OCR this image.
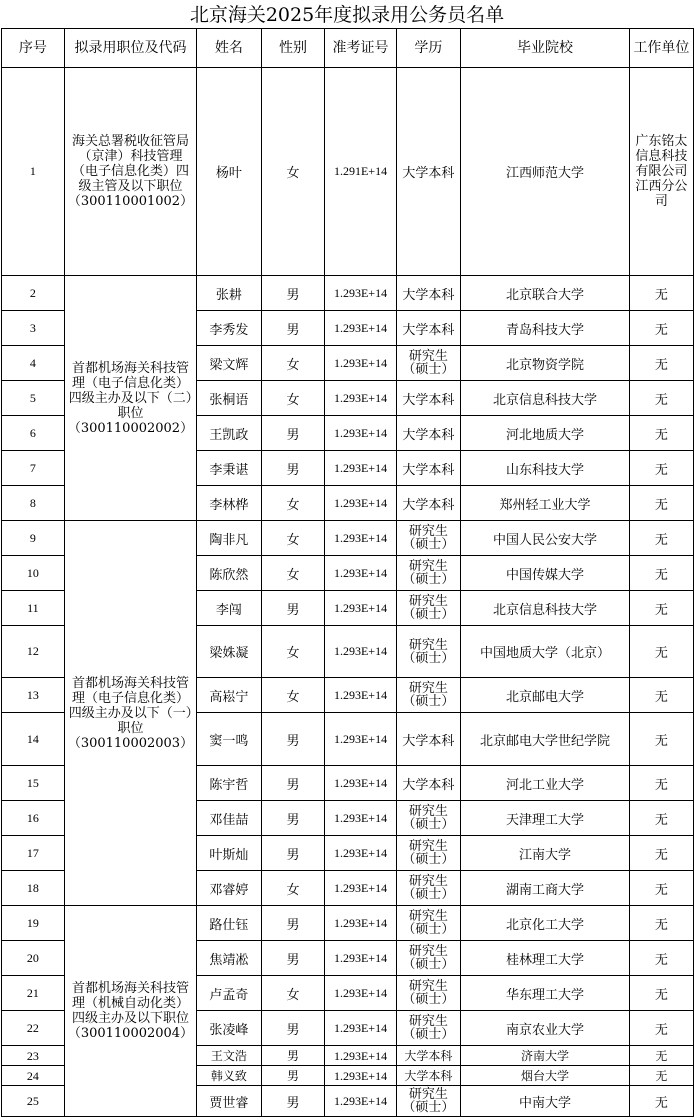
北京海关2025年度拟录用公务员名单
序号	拟录用职位及代码	姓名	性别	准考证号	学历	毕业院校	工作单位
1	海关总署税收征管局（京津）科技管理（电子信息化类）四级主管及以下职位（300110001002）	杨叶	女	1.291E+14	大学本科	江西师范大学	广东铭太信息科技有限公司江西分公司
2	首都机场海关科技管理（电子信息化类）四级主办及以下（二）职位（300110002002）	张耕	男	1.293E+14	大学本科	北京联合大学	无
3		李秀发	男	1.293E+14	大学本科	青岛科技大学	无
4		梁文辉	女	1.293E+14	研究生（硕士）	北京物资学院	无
5		张桐语	女	1.293E+14	大学本科	北京信息科技大学	无
6		王凯政	男	1.293E+14	大学本科	河北地质大学	无
7		李秉谌	男	1.293E+14	大学本科	山东科技大学	无
8		李林桦	女	1.293E+14	大学本科	郑州轻工业大学	无
9	首都机场海关科技管理（电子信息化类）四级主办及以下（一）职位（300110002003）	陶非凡	女	1.293E+14	研究生（硕士）	中国人民公安大学	无
10		陈欣然	女	1.293E+14	研究生（硕士）	中国传媒大学	无
11		李闯	男	1.293E+14	研究生（硕士）	北京信息科技大学	无
12		梁姝凝	女	1.293E+14	研究生（硕士）	中国地质大学（北京）	无
13		高崧宁	女	1.293E+14	研究生（硕士）	北京邮电大学	无
14		窦一鸣	男	1.293E+14	大学本科	北京邮电大学世纪学院	无
15		陈宇哲	男	1.293E+14	大学本科	河北工业大学	无
16		邓佳喆	男	1.293E+14	研究生（硕士）	天津理工大学	无
17		叶斯灿	男	1.293E+14	研究生（硕士）	江南大学	无
18		邓睿婷	女	1.293E+14	研究生（硕士）	湖南工商大学	无
19	首都机场海关科技管理（机械自动化类）四级主办及以下职位（300110002004）	路仕钰	男	1.293E+14	研究生（硕士）	北京化工大学	无
20		焦靖凇	男	1.293E+14	研究生（硕士）	桂林理工大学	无
21		卢孟奇	女	1.293E+14	研究生（硕士）	华东理工大学	无
22		张凌峰	男	1.293E+14	研究生（硕士）	南京农业大学	无
23		王文浩	男	1.293E+14	大学本科	济南大学	无
24		韩义致	男	1.293E+14	大学本科	烟台大学	无
25		贾世睿	男	1.293E+14	研究生（硕士）	中南大学	无
